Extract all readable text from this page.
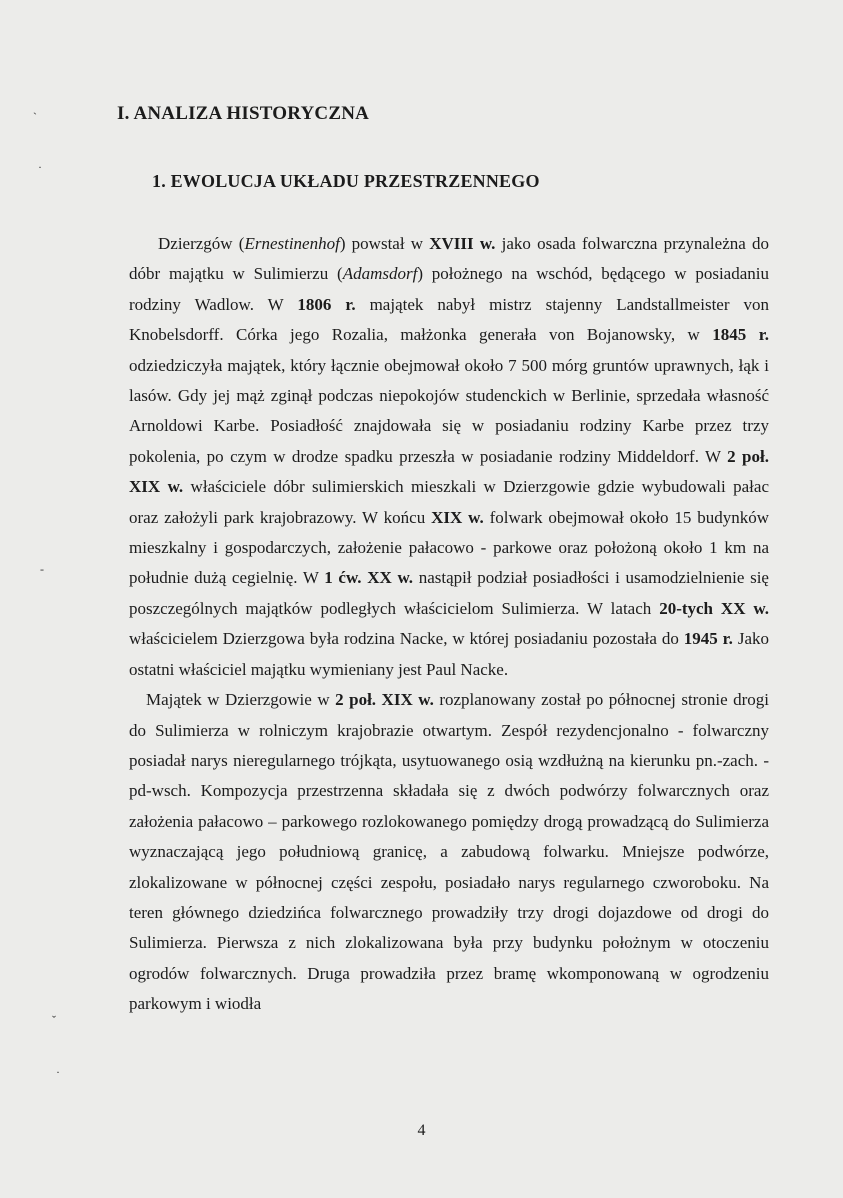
ˋ
·
-
ˇ
·
I. ANALIZA HISTORYCZNA
1. EWOLUCJA UKŁADU PRZESTRZENNEGO

Dzierzgów (Ernestinenhof) powstał w XVIII w. jako osada folwarczna przynależna do dóbr majątku w Sulimierzu (Adamsdorf) położnego na wschód, będącego w posiadaniu rodziny Wadlow. W 1806 r. majątek nabył mistrz stajenny Landstallmeister von Knobelsdorff. Córka jego Rozalia, małżonka generała von Bojanowsky, w 1845 r. odziedziczyła majątek, który łącznie obejmował około 7 500 mórg gruntów uprawnych, łąk i lasów. Gdy jej mąż zginął podczas niepokojów studenckich w Berlinie, sprzedała własność Arnoldowi Karbe. Posiadłość znajdowała się w posiadaniu rodziny Karbe przez trzy pokolenia, po czym w drodze spadku przeszła w posiadanie rodziny Middeldorf. W 2 poł. XIX w. właściciele dóbr sulimierskich mieszkali w Dzierzgowie gdzie wybudowali pałac oraz założyli park krajobrazowy. W końcu XIX w. folwark obejmował około 15 budynków mieszkalny i gospodarczych, założenie pałacowo - parkowe oraz położoną około 1 km na południe dużą cegielnię. W 1 ćw. XX w. nastąpił podział posiadłości i usamodzielnienie się poszczególnych majątków podległych właścicielom Sulimierza. W latach 20-tych XX w. właścicielem Dzierzgowa była rodzina Nacke, w której posiadaniu pozostała do 1945 r. Jako ostatni właściciel majątku wymieniany jest Paul Nacke.

Majątek w Dzierzgowie w 2 poł. XIX w. rozplanowany został po północnej stronie drogi do Sulimierza w rolniczym krajobrazie otwartym. Zespół rezydencjonalno - folwarczny posiadał narys nieregularnego trójkąta, usytuowanego osią wzdłużną na kierunku pn.-zach. - pd-wsch. Kompozycja przestrzenna składała się z dwóch podwórzy folwarcznych oraz założenia pałacowo – parkowego rozlokowanego pomiędzy drogą prowadzącą do Sulimierza wyznaczającą jego południową granicę, a zabudową folwarku. Mniejsze podwórze, zlokalizowane w północnej części zespołu, posiadało narys regularnego czworoboku. Na teren głównego dziedzińca folwarcznego prowadziły trzy drogi dojazdowe od drogi do Sulimierza. Pierwsza z nich zlokalizowana była przy budynku położnym w otoczeniu ogrodów folwarcznych. Druga prowadziła przez bramę wkomponowaną w ogrodzeniu parkowym i wiodła

4
